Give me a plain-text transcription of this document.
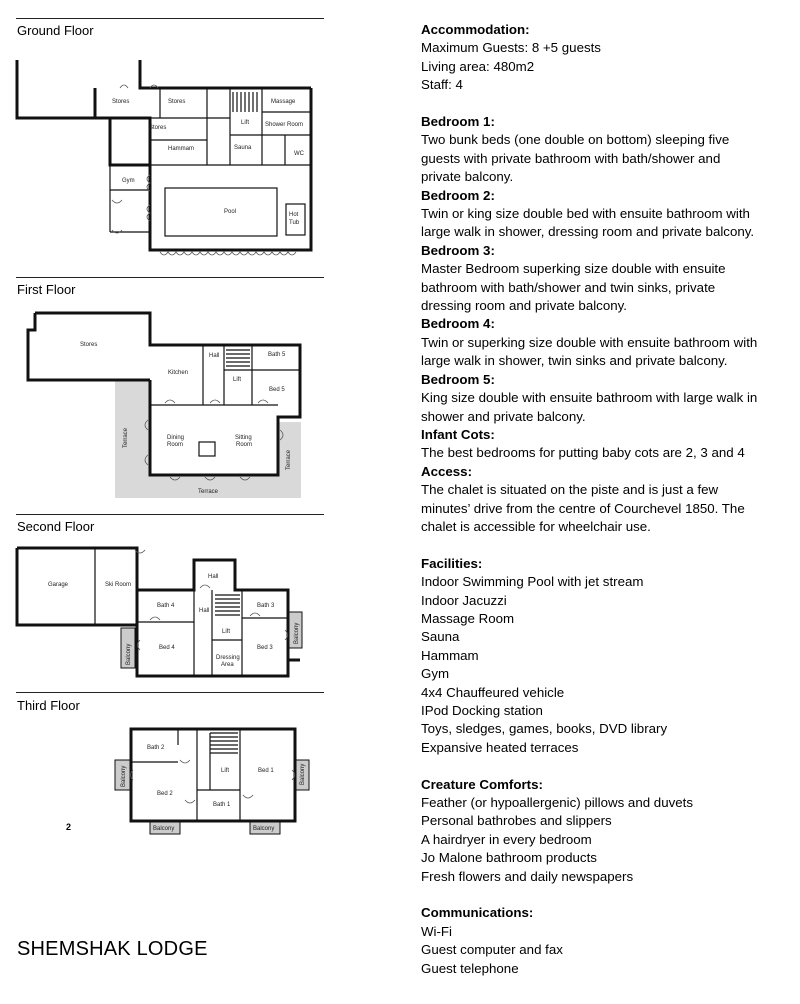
Ground Floor
Stores	Stores
Stores
Massage
Lift	Shower Room
Hammam	Sauna
WC
Gym
Pool	Hot
Tub
First Floor
Stores
Kitchen
Hall	Bath 5
Lift
Bed 5
Dining
Room
Sitting
Room
Terrace
Terrace
Terrace
Second Floor
Garage	Ski Room
Hall
Bath 4
Hall
Bath 3
Lift
Bed 4	Bed 3
Dressing
Area
Balcony
Balcony
Third Floor
Bath 2
Lift	Bed 1
Bed 2
Bath 1
Balcony	Balcony
Balcony	Balcony
2
SHEMSHAK LODGE
Accommodation:
Maximum Guests: 8 +5 guests
Living area: 480m2
Staff: 4
Bedroom 1:
Two bunk beds (one double on bottom) sleeping five
guests with private bathroom with bath/shower and
private balcony.
Bedroom 2:
Twin or king size double bed with ensuite bathroom with
large walk in shower, dressing room and private balcony.
Bedroom 3:
Master Bedroom superking size double with ensuite
bathroom with bath/shower and twin sinks, private
dressing room and private balcony.
Bedroom 4:
Twin or superking size double with ensuite bathroom with
large walk in shower, twin sinks and private balcony.
Bedroom 5:
King size double with ensuite bathroom with large walk in
shower and private balcony.
Infant Cots:
The best bedrooms for putting baby cots are 2, 3 and 4
Access:
The chalet is situated on the piste and is just a few
minutes’ drive from the centre of Courchevel 1850. The
chalet is accessible for wheelchair use.
Facilities:
Indoor Swimming Pool with jet stream
Indoor Jacuzzi
Massage Room
Sauna
Hammam
Gym
4x4 Chauffeured vehicle
IPod Docking station
Toys, sledges, games, books, DVD library
Expansive heated terraces
Creature Comforts:
Feather (or hypoallergenic) pillows and duvets
Personal bathrobes and slippers
A hairdryer in every bedroom
Jo Malone bathroom products
Fresh flowers and daily newspapers
Communications:
Wi-Fi
Guest computer and fax
Guest telephone
